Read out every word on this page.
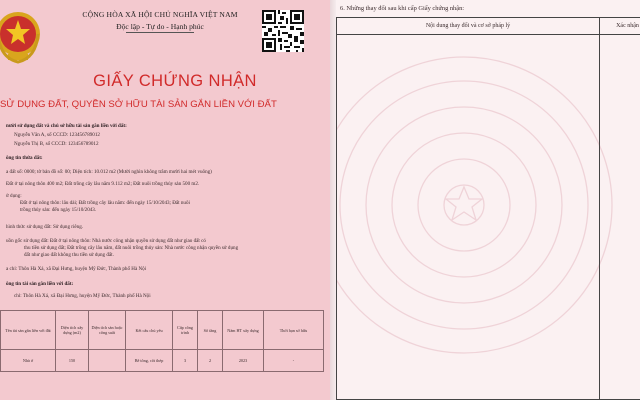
CỘNG HÒA XÃ HỘI CHỦ NGHĨA VIỆT NAM
Độc lập - Tự do - Hạnh phúc
GIẤY CHỨNG NHẬN
SỬ DỤNG ĐẤT, QUYỀN SỞ HỮU TÀI SẢN GẮN LIỀN VỚI ĐẤT
nười sử dụng đất và chủ sở hữu tài sản gắn liền với đất:
Nguyễn Văn A, số CCCD: 123456789012
Nguyễn Thị B, số CCCD: 123456789012
ông tin thửa đất:
a đất số: 0000; tờ bản đồ số: 00; Diện tích: 10.012 m2 (Mười nghìn không trăm mười hai mét vuông)
Đất ở tại nông thôn 400 m2; Đất trồng cây lâu năm 9.112 m2; Đất nuôi trồng thủy sản 500 m2.
ử dụng:
Đất ở tại nông thôn: lâu dài; Đất trồng cây lâu năm: đến ngày 15/10/2043; Đất nuôi
trồng thủy sản: đến ngày 15/10/2043.
hình thức sử dụng đất: Sử dụng riêng.
uồn gốc sử dụng đất: Đất ở tại nông thôn: Nhà nước công nhận quyền sử dụng đất như giao đất có
thu tiền sử dụng đất; Đất trồng cây lâu năm, đất nuôi trồng thủy sản: Nhà nước công nhận quyền sử dụng
đất như giao đất không thu tiền sử dụng đất.
a chỉ: Thôn Hà Xá, xã Đại Hưng, huyện Mỹ Đức, Thành phố Hà Nội
ông tin tài sản gắn liền với đất:
chỉ: Thôn Hà Xá, xã Đại Hưng, huyện Mỹ Đức, Thành phố Hà Nội
Tên tài sản gắn liền với đất	Diện tích xây dựng (m2)	Diện tích sàn hoặc công suất	Kết cấu chủ yếu	Cấp công trình	Số tầng	Năm HT xây dựng	Thời hạn sở hữu
Nhà ở	150		Bê tông, cốt thép	3	2	2023	-
6. Những thay đổi sau khi cấp Giấy chứng nhận:
Nội dung thay đổi và cơ sở pháp lý	Xác nhận
